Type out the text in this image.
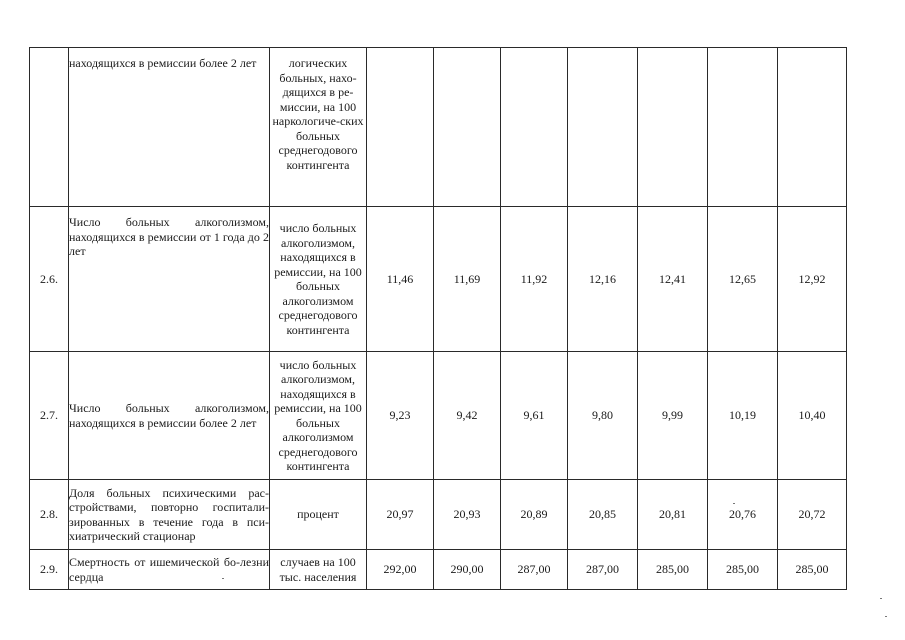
	находящихся в ремиссии более 2 лет	логических больных, нахо-дящихся в ре-миссии, на 100 наркологиче-ских больных среднегодового контингента							
2.6.	Число больных алкоголизмом, находящихся в ремиссии от 1 года до 2 лет	число больных алкоголизмом, находящихся в ремиссии, на 100 больных алкоголизмом среднегодового контингента	11,46	11,69	11,92	12,16	12,41	12,65	12,92
2.7.	Число больных алкоголизмом, находящихся в ремиссии более 2 лет	число больных алкоголизмом, находящихся в ремиссии, на 100 больных алкоголизмом среднегодового контингента	9,23	9,42	9,61	9,80	9,99	10,19	10,40
2.8.	Доля больных психическими рас-стройствами, повторно госпитали-зированных в течение года в пси-хиатрический стационар	процент	20,97	20,93	20,89	20,85	20,81	20,76	20,72
2.9.	Смертность от ишемической бо-лезни сердца	случаев на 100 тыс. населения	292,00	290,00	287,00	287,00	285,00	285,00	285,00
